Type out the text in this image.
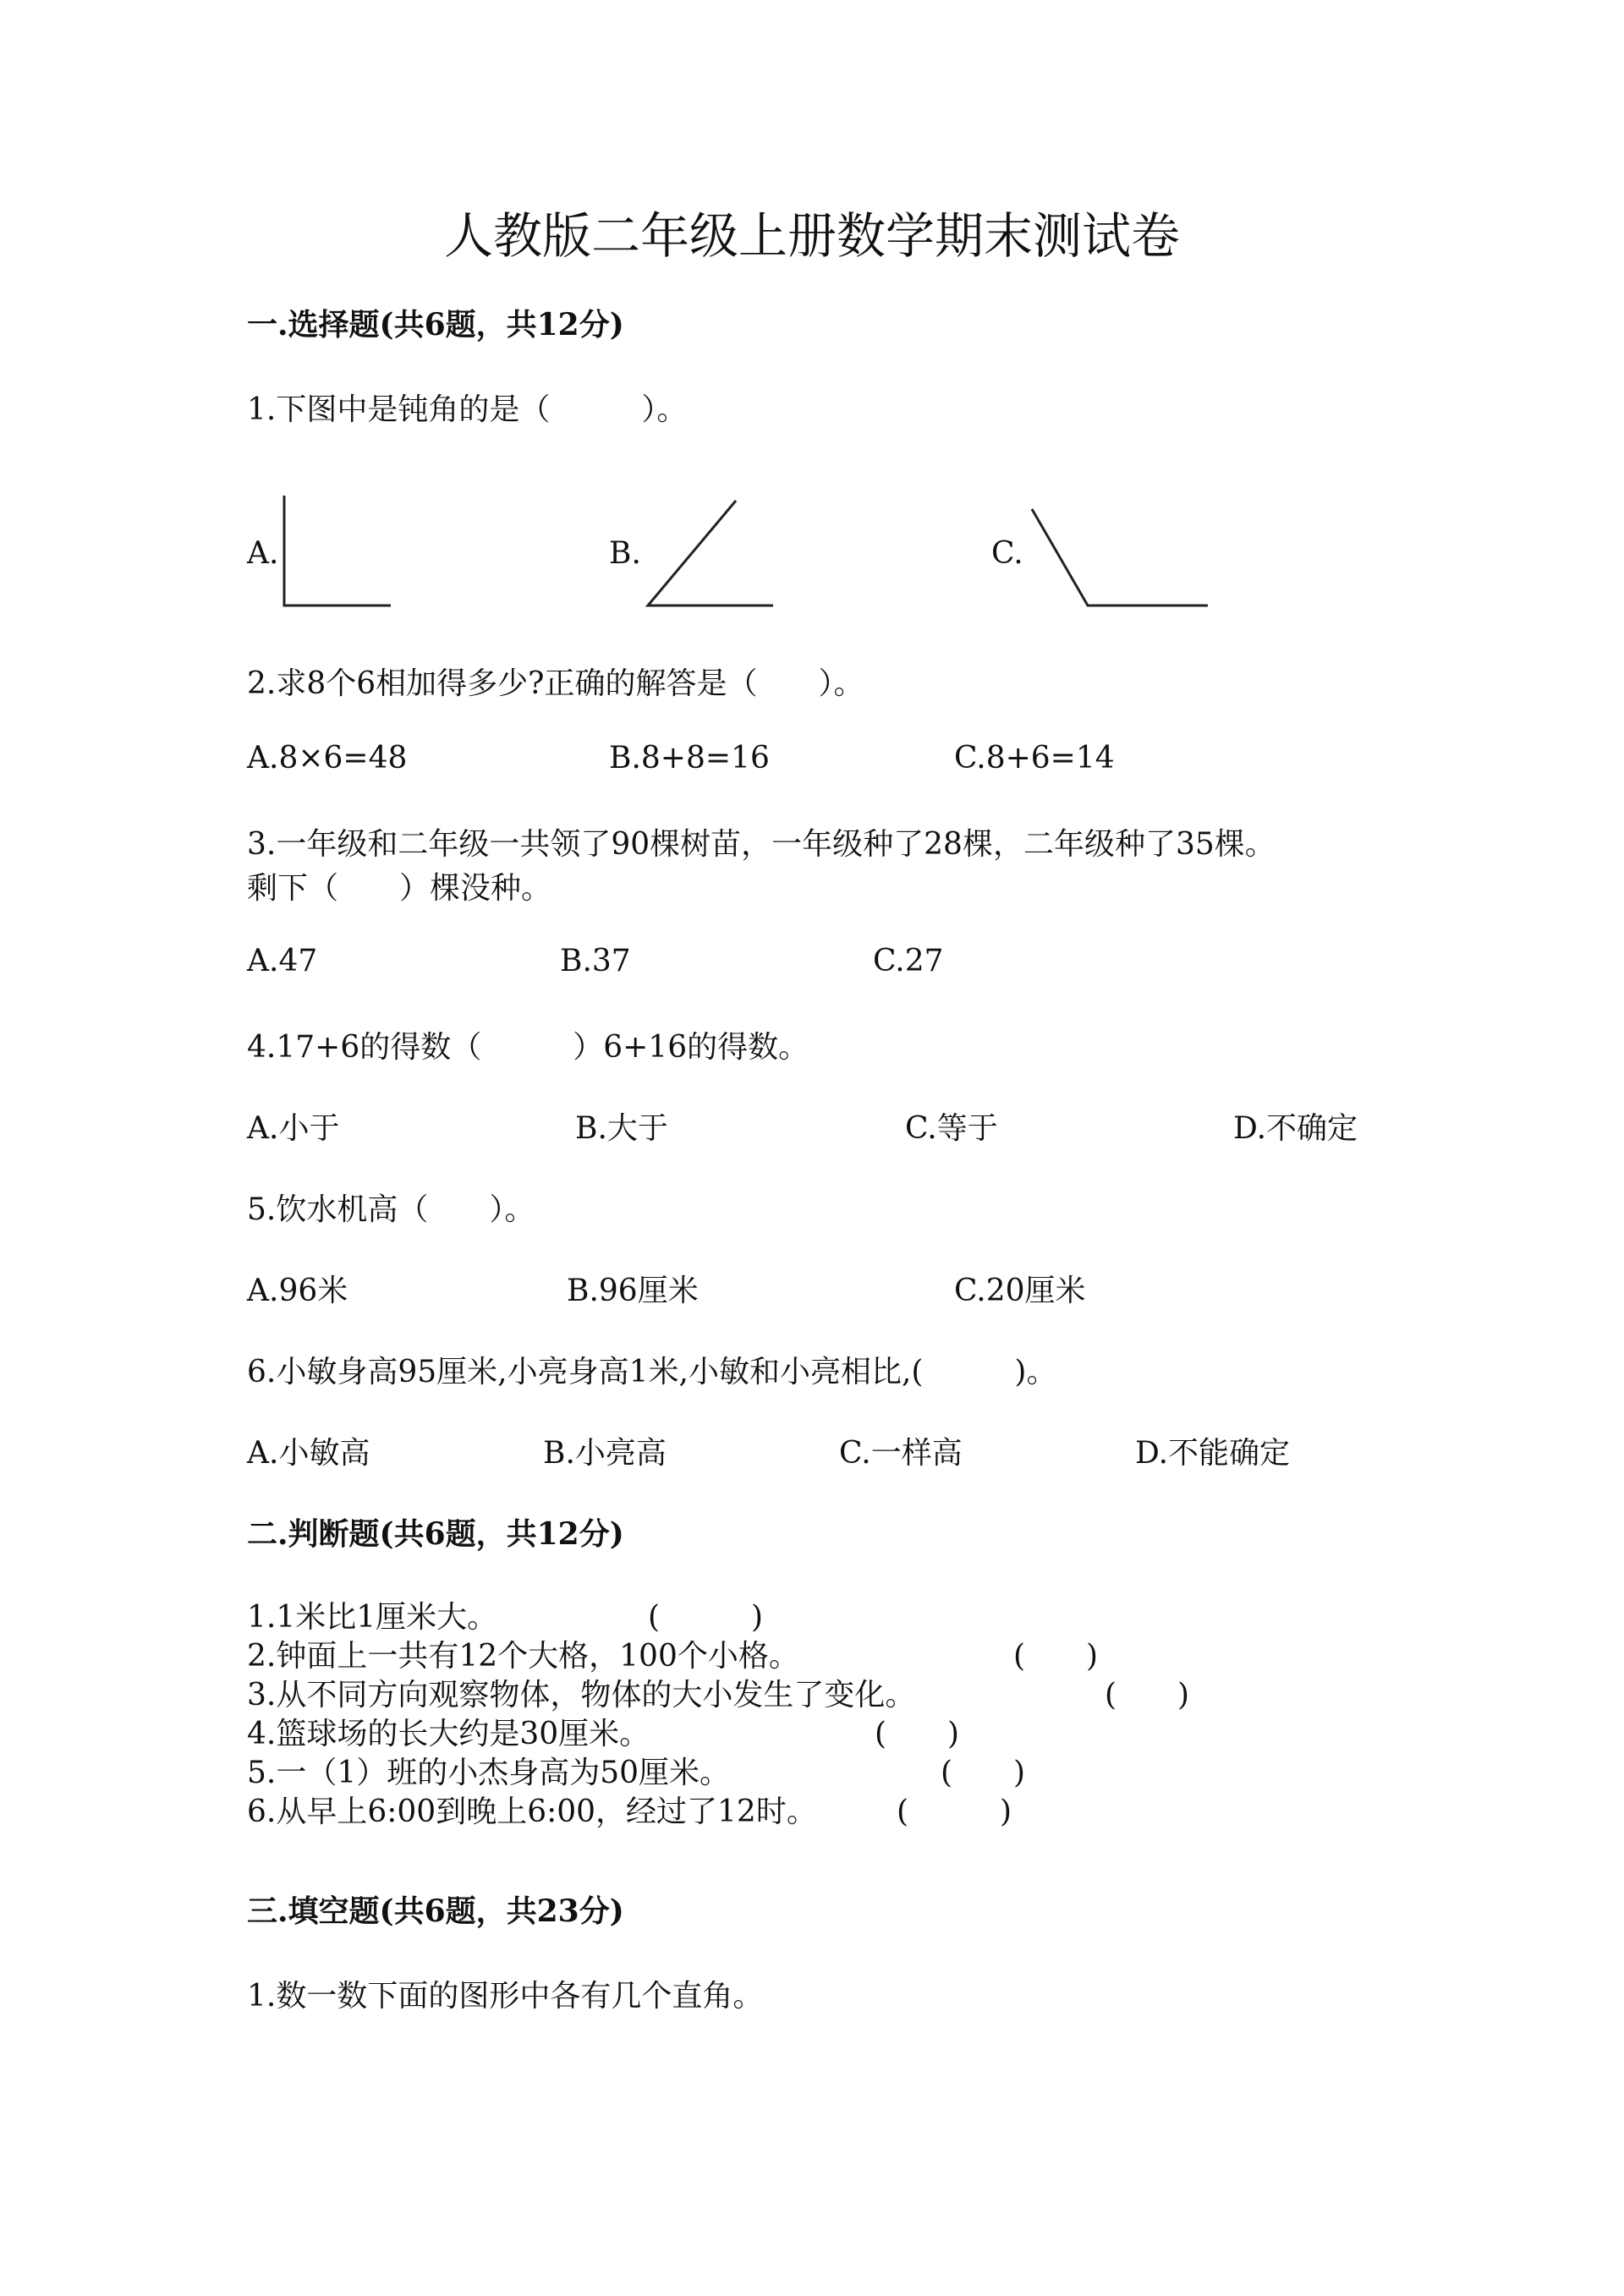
人教版二年级上册数学期末测试卷
一.选择题(共6题，共12分)
1.下图中是钝角的是（　　　）。
A.	B.	C.
2.求8个6相加得多少?正确的解答是（　　）。
A.8×6=48	B.8+8=16	C.8+6=14
3.一年级和二年级一共领了90棵树苗，一年级种了28棵，二年级种了35棵。
剩下（　　）棵没种。
A.47	B.37	C.27
4.17+6的得数（　　　）6+16的得数。
A.小于	B.大于	C.等于	D.不确定
5.饮水机高（　　）。
A.96米	B.96厘米	C.20厘米
6.小敏身高95厘米,小亮身高1米,小敏和小亮相比,(　　　)。
A.小敏高	B.小亮高	C.一样高	D.不能确定
二.判断题(共6题，共12分)
1.1米比1厘米大。	(　　　)
2.钟面上一共有12个大格，100个小格。	(　　)
3.从不同方向观察物体，物体的大小发生了变化。	(　　)
4.篮球场的长大约是30厘米。	(　　)
5.一（1）班的小杰身高为50厘米。	(　　)
6.从早上6:00到晚上6:00，经过了12时。	(　　　)
三.填空题(共6题，共23分)
1.数一数下面的图形中各有几个直角。
